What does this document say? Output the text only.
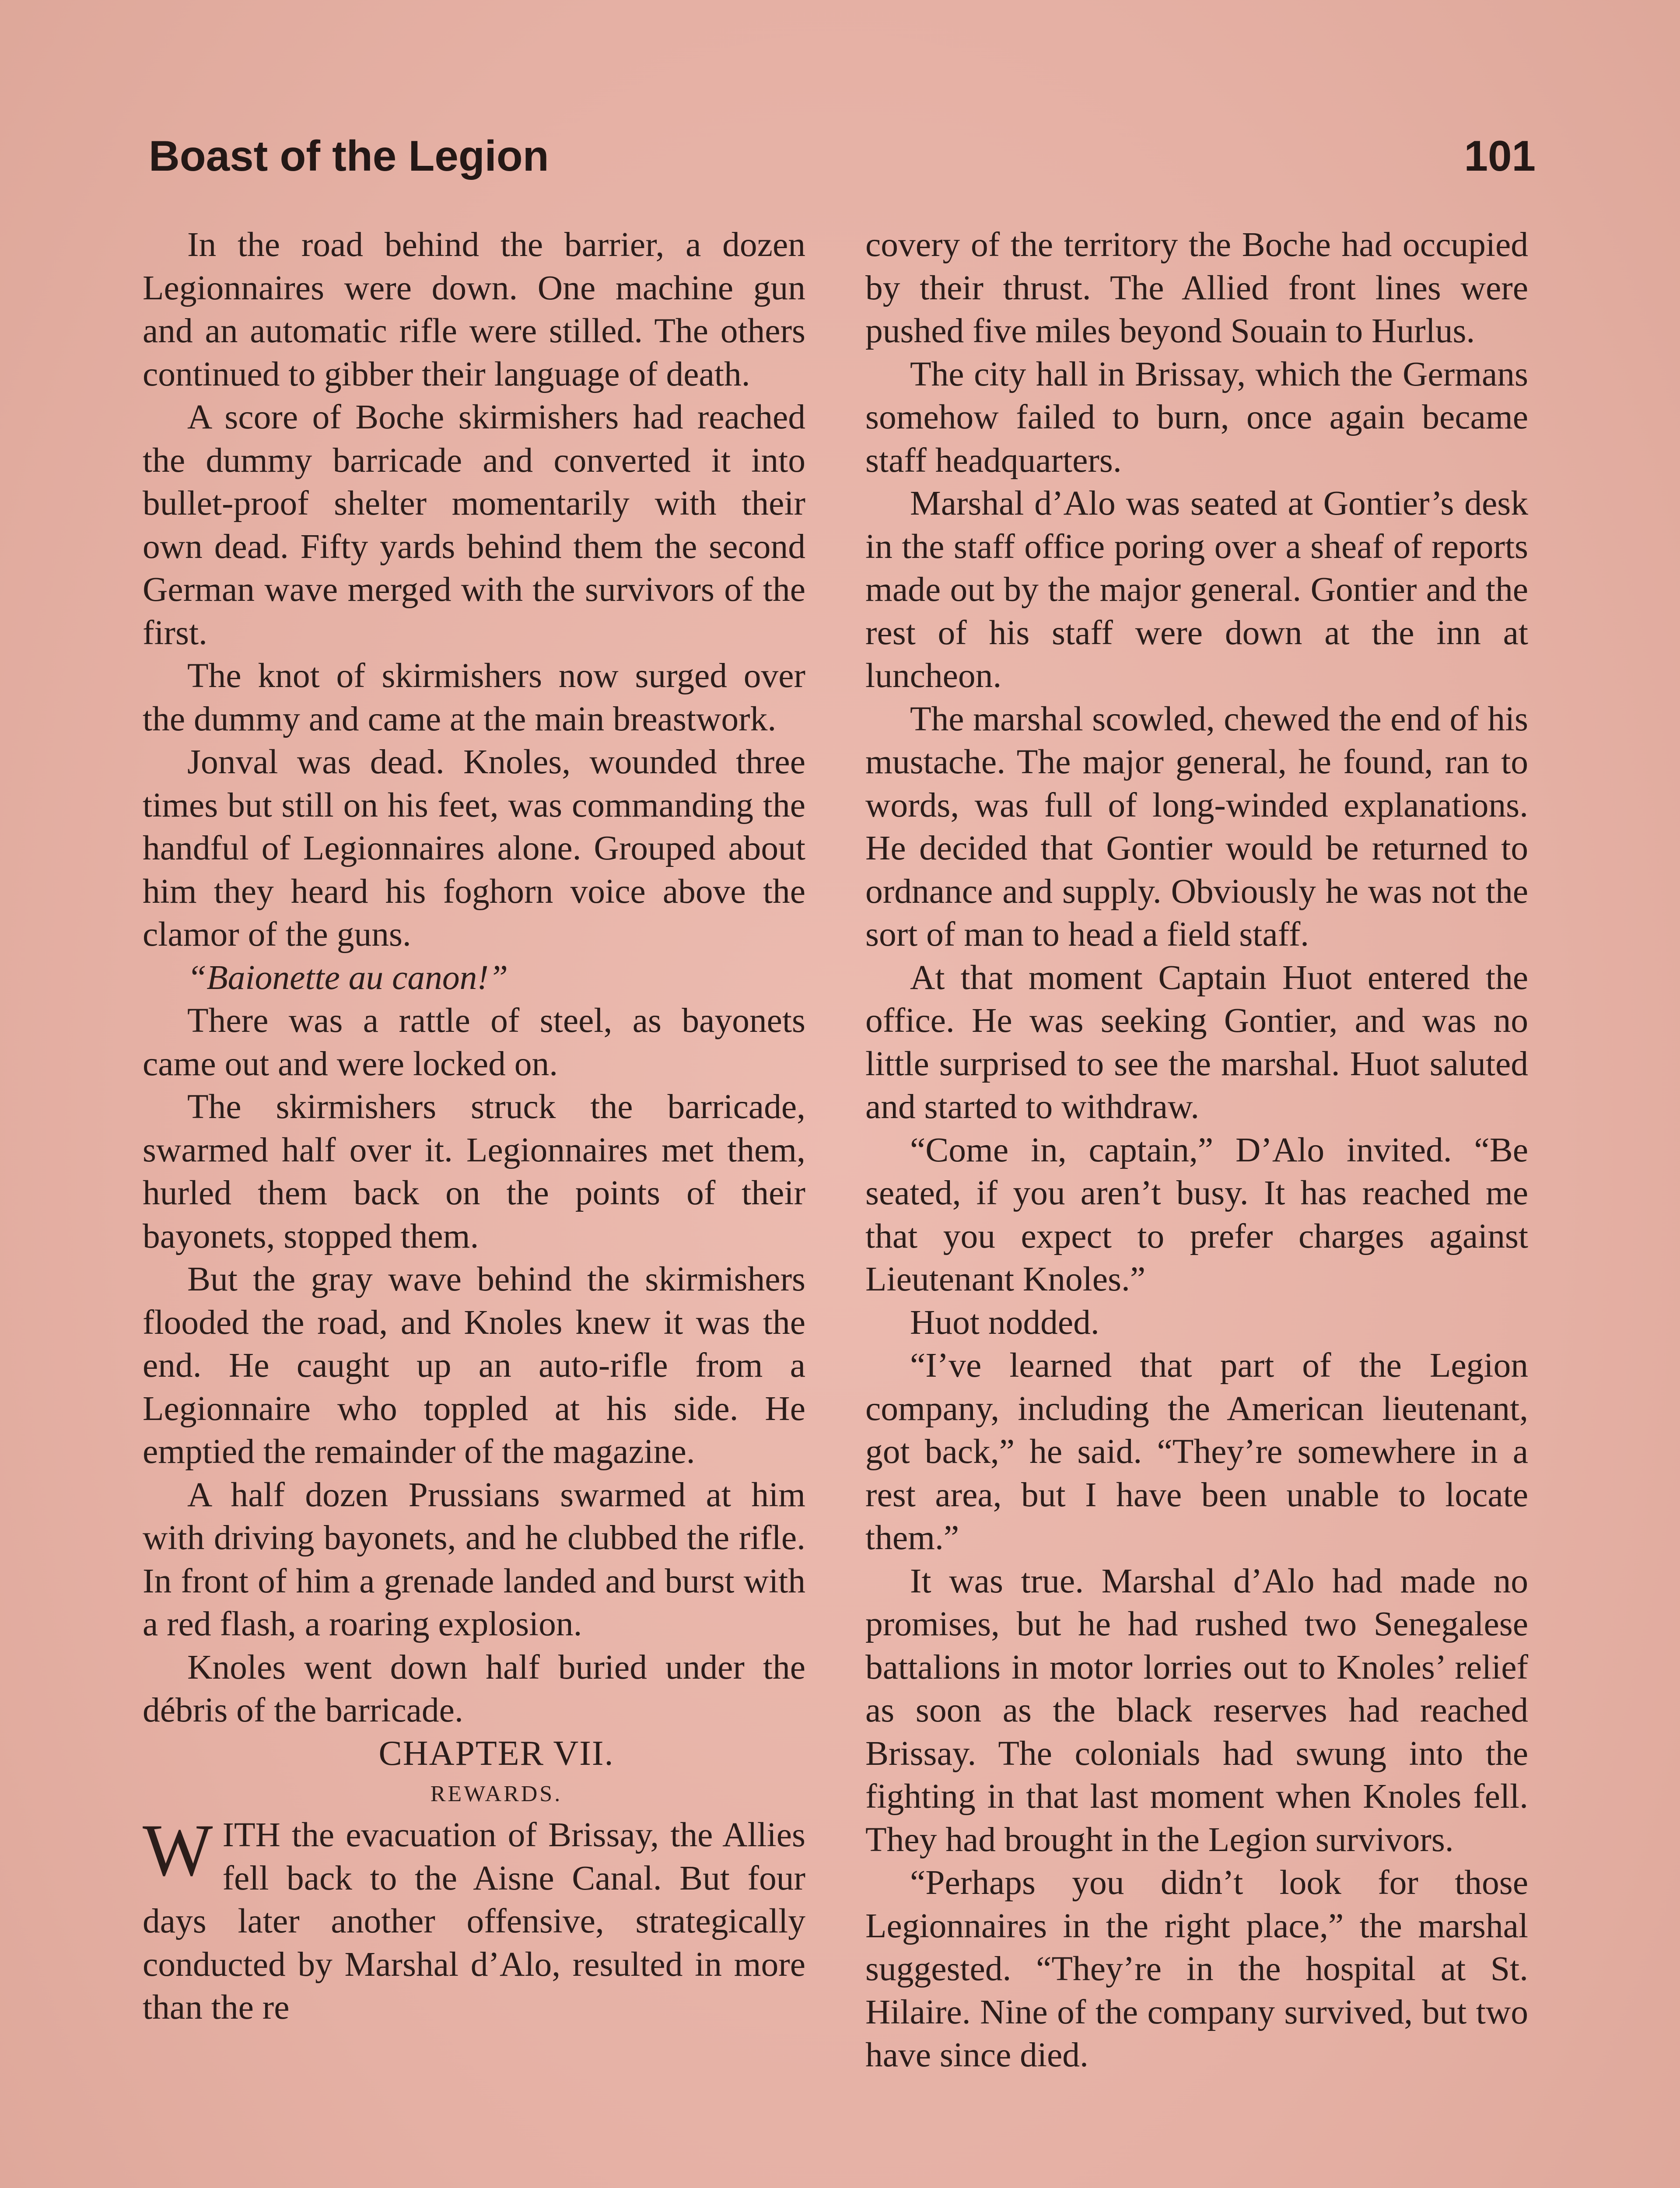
Boast of the Legion	101

In the road behind the barrier, a dozen Legionnaires were down. One machine gun and an automatic rifle were stilled. The others continued to gibber their language of death.

A score of Boche skirmishers had reached the dummy barricade and converted it into bullet-proof shelter momentarily with their own dead. Fifty yards behind them the second German wave merged with the survivors of the first.

The knot of skirmishers now surged over the dummy and came at the main breastwork.

Jonval was dead. Knoles, wounded three times but still on his feet, was commanding the handful of Legionnaires alone. Grouped about him they heard his foghorn voice above the clamor of the guns.

“Baionette au canon!”

There was a rattle of steel, as bayonets came out and were locked on.

The skirmishers struck the barricade, swarmed half over it. Legionnaires met them, hurled them back on the points of their bayonets, stopped them.

But the gray wave behind the skirmishers flooded the road, and Knoles knew it was the end. He caught up an auto-rifle from a Legionnaire who toppled at his side. He emptied the remainder of the magazine.

A half dozen Prussians swarmed at him with driving bayonets, and he clubbed the rifle. In front of him a grenade landed and burst with a red flash, a roaring explosion.

Knoles went down half buried under the débris of the barricade.

CHAPTER VII.

REWARDS.

WITH the evacuation of Brissay, the Allies fell back to the Aisne Canal. But four days later another offensive, strategically conducted by Marshal d’Alo, resulted in more than the re

covery of the territory the Boche had occupied by their thrust. The Allied front lines were pushed five miles beyond Souain to Hurlus.

The city hall in Brissay, which the Germans somehow failed to burn, once again became staff headquarters.

Marshal d’Alo was seated at Gontier’s desk in the staff office poring over a sheaf of reports made out by the major general. Gontier and the rest of his staff were down at the inn at luncheon.

The marshal scowled, chewed the end of his mustache. The major general, he found, ran to words, was full of long-winded explanations. He decided that Gontier would be returned to ordnance and supply. Obviously he was not the sort of man to head a field staff.

At that moment Captain Huot entered the office. He was seeking Gontier, and was no little surprised to see the marshal. Huot saluted and started to withdraw.

“Come in, captain,” D’Alo invited. “Be seated, if you aren’t busy. It has reached me that you expect to prefer charges against Lieutenant Knoles.”

Huot nodded.

“I’ve learned that part of the Legion company, including the American lieutenant, got back,” he said. “They’re somewhere in a rest area, but I have been unable to locate them.”

It was true. Marshal d’Alo had made no promises, but he had rushed two Senegalese battalions in motor lorries out to Knoles’ relief as soon as the black reserves had reached Brissay. The colonials had swung into the fighting in that last moment when Knoles fell. They had brought in the Legion survivors.

“Perhaps you didn’t look for those Legionnaires in the right place,” the marshal suggested. “They’re in the hospital at St. Hilaire. Nine of the company survived, but two have since died.
